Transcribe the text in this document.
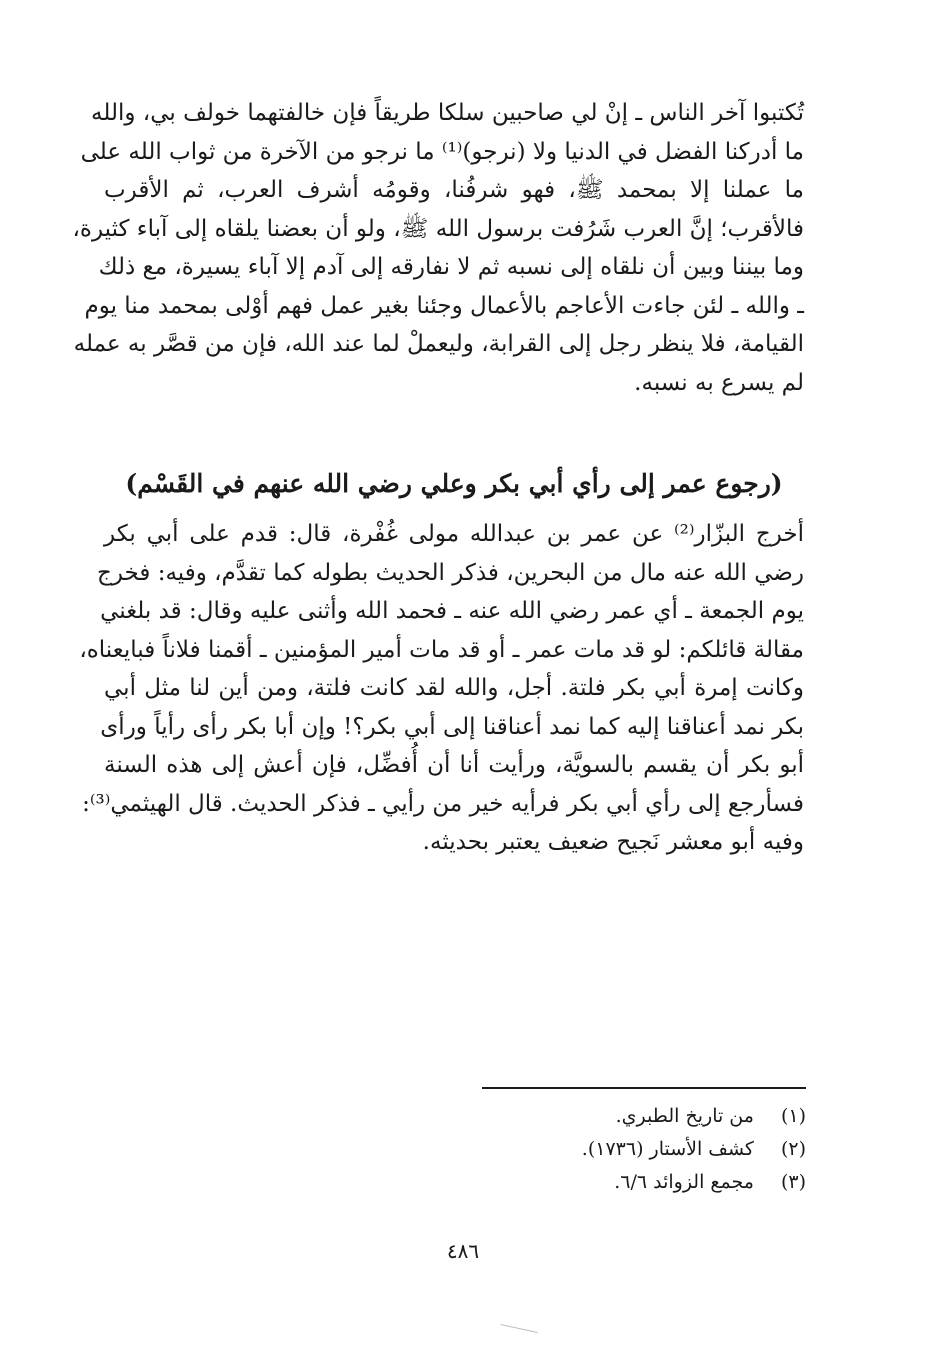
تُكتبوا آخر الناس ـ إنْ لي صاحبين سلكا طريقاً فإن خالفتهما خولف بي، والله
ما أدركنا الفضل في الدنيا ولا (نرجو)⁽¹⁾ ما نرجو من الآخرة من ثواب الله على
ما عملنا إلا بمحمد ﷺ، فهو شرفُنا، وقومُه أشرف العرب، ثم الأقرب
فالأقرب؛ إنَّ العرب شَرُفت برسول الله ﷺ، ولو أن بعضنا يلقاه إلى آباء كثيرة،
وما بيننا وبين أن نلقاه إلى نسبه ثم لا نفارقه إلى آدم إلا آباء يسيرة، مع ذلك
ـ والله ـ لئن جاءت الأعاجم بالأعمال وجئنا بغير عمل فهم أوْلى بمحمد منا يوم
القيامة، فلا ينظر رجل إلى القرابة، وليعملْ لما عند الله، فإن من قصَّر به عمله
لم يسرع به نسبه.
(رجوع عمر إلى رأي أبي بكر وعلي رضي الله عنهم في القَسْم)
أخرج البزّار⁽²⁾ عن عمر بن عبدالله مولى غُفْرة، قال: قدم على أبي بكر
رضي الله عنه مال من البحرين، فذكر الحديث بطوله كما تقدَّم، وفيه: فخرج
يوم الجمعة ـ أي عمر رضي الله عنه ـ فحمد الله وأثنى عليه وقال: قد بلغني
مقالة قائلكم: لو قد مات عمر ـ أو قد مات أمير المؤمنين ـ أقمنا فلاناً فبايعناه،
وكانت إمرة أبي بكر فلتة. أجل، والله لقد كانت فلتة، ومن أين لنا مثل أبي
بكر نمد أعناقنا إليه كما نمد أعناقنا إلى أبي بكر؟! وإن أبا بكر رأى رأياً ورأى
أبو بكر أن يقسم بالسويَّة، ورأيت أنا أن أُفضِّل، فإن أعش إلى هذه السنة
فسأرجع إلى رأي أبي بكر فرأيه خير من رأيي ـ فذكر الحديث. قال الهيثمي⁽³⁾:
وفيه أبو معشر نَجيح ضعيف يعتبر بحديثه.
(١) من تاريخ الطبري.
(٢) كشف الأستار (١٧٣٦).
(٣) مجمع الزوائد ٦/٦.
٤٨٦
